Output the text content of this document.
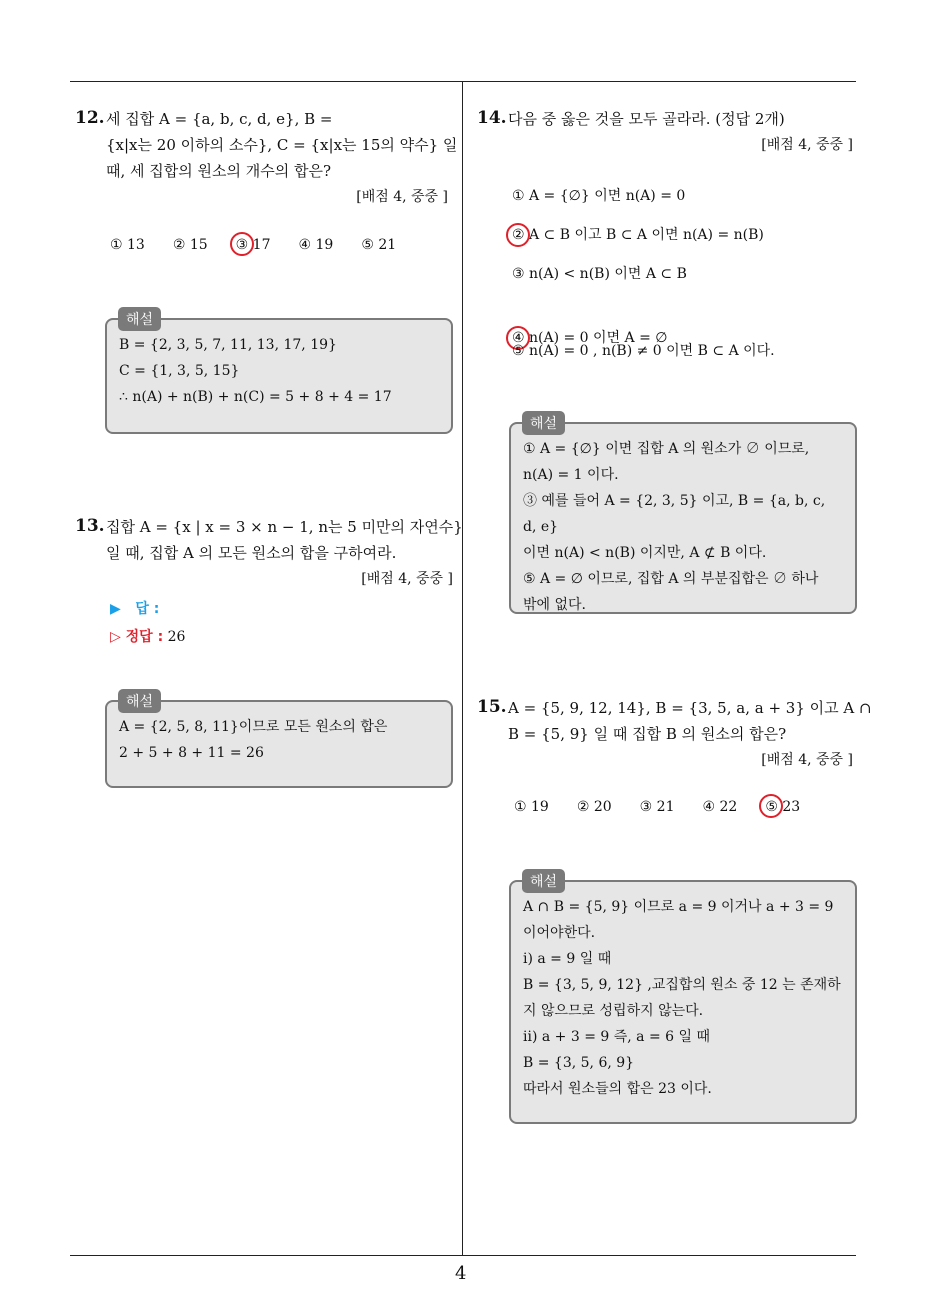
12. 세 집합 A = {a, b, c, d, e}, B =
{x|x는 20 이하의 소수}, C = {x|x는 15의 약수} 일
때, 세 집합의 원소의 개수의 합은?
[배점 4, 중중 ]
① 13 ② 15 ③ 17 ④ 19 ⑤ 21
B = {2, 3, 5, 7, 11, 13, 17, 19}
C = {1, 3, 5, 15}
∴ n(A) + n(B) + n(C) = 5 + 8 + 4 = 17
해설
13. 집합 A = {x | x = 3 × n − 1, n는 5 미만의 자연수}
일 때, 집합 A 의 모든 원소의 합을 구하여라.
[배점 4, 중중 ]
▶   답 :
▷ 정답 : 26
A = {2, 5, 8, 11}이므로 모든 원소의 합은
2 + 5 + 8 + 11 = 26
해설
14. 다음 중 옳은 것을 모두 골라라. (정답 2개)
[배점 4, 중중 ]
① A = {∅} 이면 n(A) = 0
② A ⊂ B 이고 B ⊂ A 이면 n(A) = n(B)
③ n(A) < n(B) 이면 A ⊂ B
④ n(A) = 0 이면 A = ∅
⑤ n(A) = 0 , n(B) ≠ 0 이면 B ⊂ A 이다.
① A = {∅} 이면 집합 A 의 원소가 ∅ 이므로,
n(A) = 1 이다.
③ 예를 들어 A = {2, 3, 5} 이고, B = {a, b, c, d, e}
이면 n(A) < n(B) 이지만, A ⊄ B 이다.
⑤ A = ∅ 이므로, 집합 A 의 부분집합은 ∅ 하나
밖에 없다.
해설
15. A = {5, 9, 12, 14}, B = {3, 5, a, a + 3} 이고 A ∩
B = {5, 9} 일 때 집합 B 의 원소의 합은?
[배점 4, 중중 ]
① 19 ② 20 ③ 21 ④ 22 ⑤ 23
A ∩ B = {5, 9} 이므로 a = 9 이거나 a + 3 = 9
이어야한다.
ⅰ) a = 9 일 때
B = {3, 5, 9, 12} ,교집합의 원소 중 12 는 존재하
지 않으므로 성립하지 않는다.
ⅱ) a + 3 = 9 즉, a = 6 일 때
B = {3, 5, 6, 9}
따라서 원소들의 합은 23 이다.
해설
4
